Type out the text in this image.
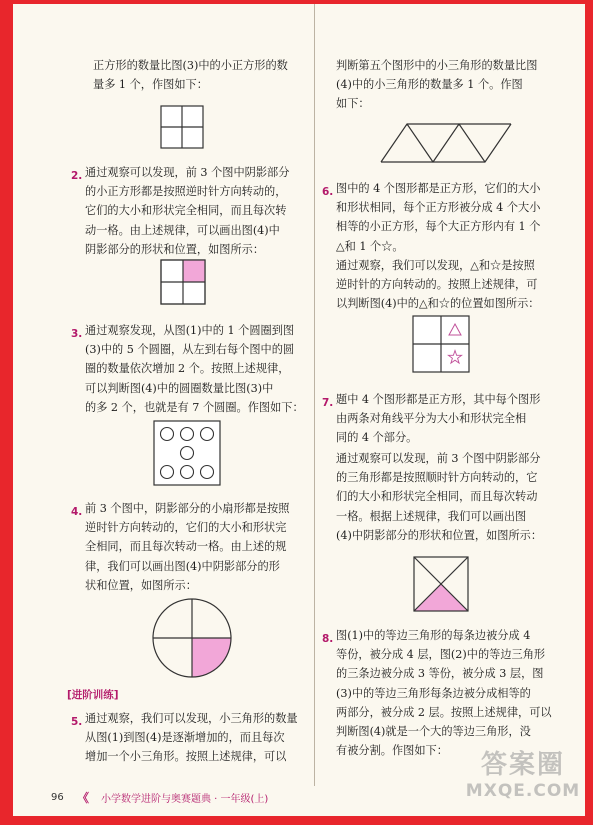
正方形的数量比图(3)中的小正方形的数
量多 1 个，作图如下：
2. 通过观察可以发现，前 3 个图中阴影部分
的小正方形都是按照逆时针方向转动的，
它们的大小和形状完全相同，而且每次转
动一格。由上述规律，可以画出图(4)中
阴影部分的形状和位置，如图所示：
3. 通过观察发现，从图(1)中的 1 个圆圈到图
(3)中的 5 个圆圈，从左到右每个图中的圆
圈的数量依次增加 2 个。按照上述规律，
可以判断图(4)中的圆圈数量比图(3)中
的多 2 个，也就是有 7 个圆圈。作图如下：
4. 前 3 个图中，阴影部分的小扇形都是按照
逆时针方向转动的，它们的大小和形状完
全相同，而且每次转动一格。由上述的规
律，我们可以画出图(4)中阴影部分的形
状和位置，如图所示：
5. 通过观察，我们可以发现，小三角形的数量
从图(1)到图(4)是逐渐增加的，而且每次
增加一个小三角形。按照上述规律，可以
[进阶训练]
判断第五个图形中的小三角形的数量比图
(4)中的小三角形的数量多 1 个。作图
如下：
6. 图中的 4 个图形都是正方形，它们的大小
和形状相同，每个正方形被分成 4 个大小
相等的小正方形，每个大正方形内有 1 个
△和 1 个☆。
通过观察，我们可以发现，△和☆是按照
逆时针的方向转动的。按照上述规律，可
以判断图(4)中的△和☆的位置如图所示：
7. 题中 4 个图形都是正方形，其中每个图形
由两条对角线平分为大小和形状完全相
同的 4 个部分。
通过观察可以发现，前 3 个图中阴影部分
的三角形都是按照顺时针方向转动的，它
们的大小和形状完全相同，而且每次转动
一格。根据上述规律，我们可以画出图
(4)中阴影部分的形状和位置，如图所示：
8. 图(1)中的等边三角形的每条边被分成 4
等份，被分成 4 层，图(2)中的等边三角形
的三条边被分成 3 等份，被分成 3 层，图
(3)中的等边三角形每条边被分成相等的
两部分，被分成 2 层。按照上述规律，可以
判断图(4)就是一个大的等边三角形，没
有被分割。作图如下：
96 《 小学数学进阶与奥赛题典 · 一年级(上)
答案圈
MXQE.COM
